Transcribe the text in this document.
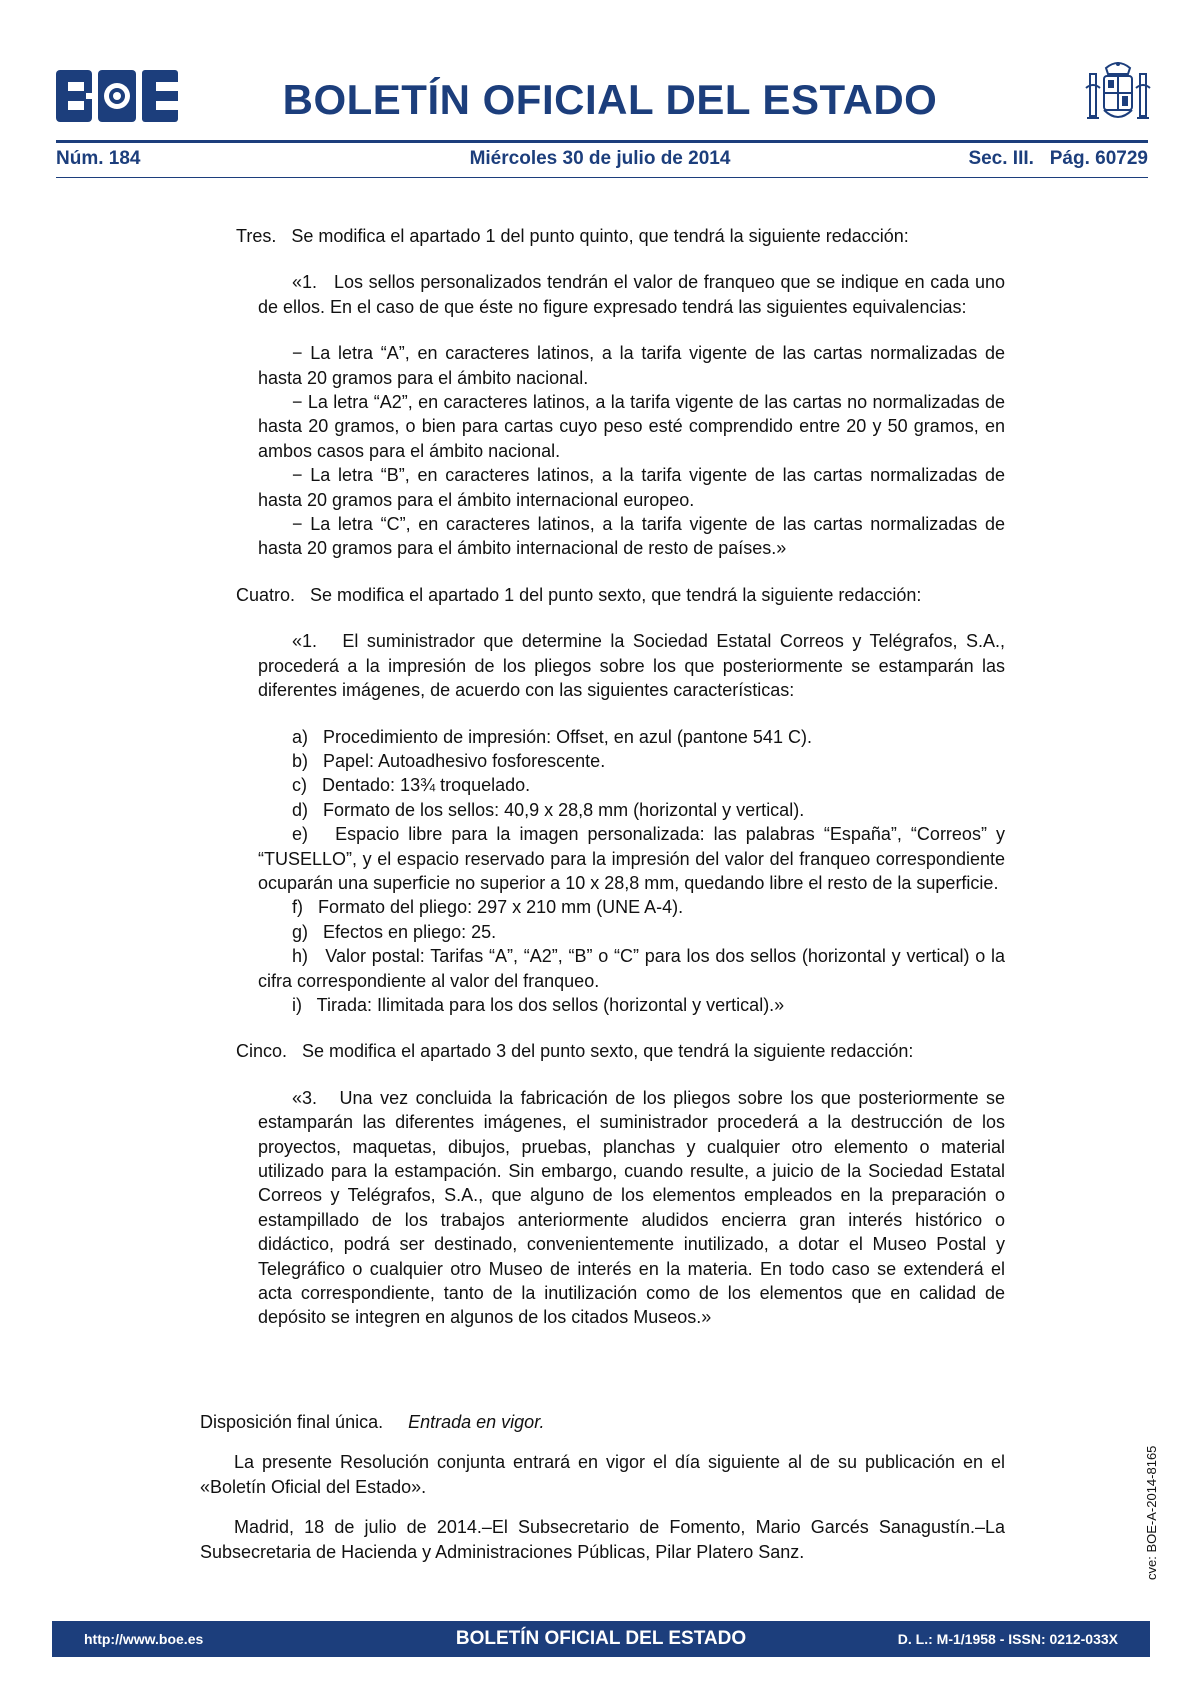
BOLETÍN OFICIAL DEL ESTADO
Núm. 184	Miércoles 30 de julio de 2014	Sec. III.   Pág. 60729

Tres.   Se modifica el apartado 1 del punto quinto, que tendrá la siguiente redacción:

«1.   Los sellos personalizados tendrán el valor de franqueo que se indique en cada uno de ellos. En el caso de que éste no figure expresado tendrá las siguientes equivalencias:

− La letra “A”, en caracteres latinos, a la tarifa vigente de las cartas normalizadas de hasta 20 gramos para el ámbito nacional.

− La letra “A2”, en caracteres latinos, a la tarifa vigente de las cartas no normalizadas de hasta 20 gramos, o bien para cartas cuyo peso esté comprendido entre 20 y 50 gramos, en ambos casos para el ámbito nacional.

− La letra “B”, en caracteres latinos, a la tarifa vigente de las cartas normalizadas de hasta 20 gramos para el ámbito internacional europeo.

− La letra “C”, en caracteres latinos, a la tarifa vigente de las cartas normalizadas de hasta 20 gramos para el ámbito internacional de resto de países.»

Cuatro.   Se modifica el apartado 1 del punto sexto, que tendrá la siguiente redacción:

«1.   El suministrador que determine la Sociedad Estatal Correos y Telégrafos, S.A., procederá a la impresión de los pliegos sobre los que posteriormente se estamparán las diferentes imágenes, de acuerdo con las siguientes características:

a)   Procedimiento de impresión: Offset, en azul (pantone 541 C).

b)   Papel: Autoadhesivo fosforescente.

c)   Dentado: 13¾ troquelado.

d)   Formato de los sellos: 40,9 x 28,8 mm (horizontal y vertical).

e)   Espacio libre para la imagen personalizada: las palabras “España”, “Correos” y “TUSELLO”, y el espacio reservado para la impresión del valor del franqueo correspondiente ocuparán una superficie no superior a 10 x 28,8 mm, quedando libre el resto de la superficie.

f)   Formato del pliego: 297 x 210 mm (UNE A-4).

g)   Efectos en pliego: 25.

h)   Valor postal: Tarifas “A”, “A2”, “B” o “C” para los dos sellos (horizontal y vertical) o la cifra correspondiente al valor del franqueo.

i)   Tirada: Ilimitada para los dos sellos (horizontal y vertical).»

Cinco.   Se modifica el apartado 3 del punto sexto, que tendrá la siguiente redacción:

«3.   Una vez concluida la fabricación de los pliegos sobre los que posteriormente se estamparán las diferentes imágenes, el suministrador procederá a la destrucción de los proyectos, maquetas, dibujos, pruebas, planchas y cualquier otro elemento o material utilizado para la estampación. Sin embargo, cuando resulte, a juicio de la Sociedad Estatal Correos y Telégrafos, S.A., que alguno de los elementos empleados en la preparación o estampillado de los trabajos anteriormente aludidos encierra gran interés histórico o didáctico, podrá ser destinado, convenientemente inutilizado, a dotar el Museo Postal y Telegráfico o cualquier otro Museo de interés en la materia. En todo caso se extenderá el acta correspondiente, tanto de la inutilización como de los elementos que en calidad de depósito se integren en algunos de los citados Museos.»

Disposición final única. Entrada en vigor.

La presente Resolución conjunta entrará en vigor el día siguiente al de su publicación en el «Boletín Oficial del Estado».

Madrid, 18 de julio de 2014.–El Subsecretario de Fomento, Mario Garcés Sanagustín.–La Subsecretaria de Hacienda y Administraciones Públicas, Pilar Platero Sanz.	cve: BOE-A-2014-8165
BOLETÍN OFICIAL DEL ESTADO
http://www.boe.es	D. L.: M-1/1958 - ISSN: 0212-033X
